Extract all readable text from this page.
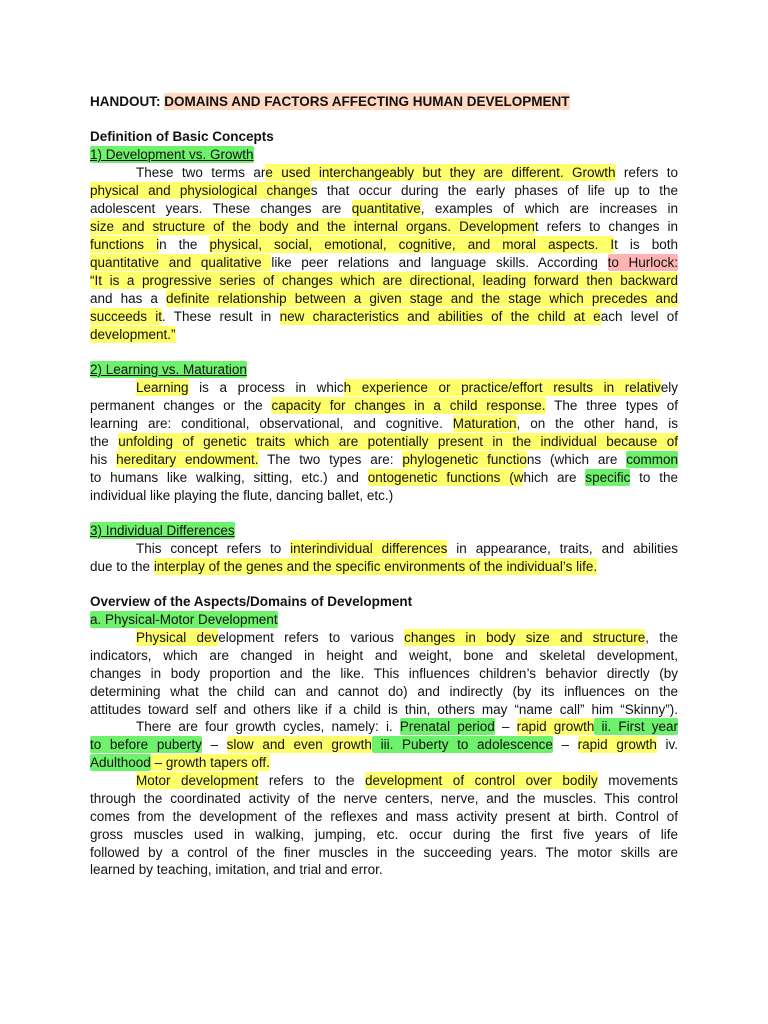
HANDOUT: DOMAINS AND FACTORS AFFECTING HUMAN DEVELOPMENT
Definition of Basic Concepts
1) Development vs. Growth
These two terms are used interchangeably but they are different. Growth refers to
physical and physiological changes that occur during the early phases of life up to the
adolescent years. These changes are quantitative, examples of which are increases in
size and structure of the body and the internal organs. Development refers to changes in
functions in the physical, social, emotional, cognitive, and moral aspects. It is both
quantitative and qualitative like peer relations and language skills. According to Hurlock:
“It is a progressive series of changes which are directional, leading forward then backward
and has a definite relationship between a given stage and the stage which precedes and
succeeds it. These result in new characteristics and abilities of the child at each level of
development.”
2) Learning vs. Maturation
Learning is a process in which experience or practice/effort results in relatively
permanent changes or the capacity for changes in a child response. The three types of
learning are: conditional, observational, and cognitive. Maturation, on the other hand, is
the unfolding of genetic traits which are potentially present in the individual because of
his hereditary endowment. The two types are: phylogenetic functions (which are common
to humans like walking, sitting, etc.) and ontogenetic functions (which are specific to the
individual like playing the flute, dancing ballet, etc.)
3) Individual Differences
This concept refers to interindividual differences in appearance, traits, and abilities
due to the interplay of the genes and the specific environments of the individual’s life.
Overview of the Aspects/Domains of Development
a. Physical-Motor Development
Physical development refers to various changes in body size and structure, the
indicators, which are changed in height and weight, bone and skeletal development,
changes in body proportion and the like. This influences children’s behavior directly (by
determining what the child can and cannot do) and indirectly (by its influences on the
attitudes toward self and others like if a child is thin, others may “name call” him “Skinny”).
There are four growth cycles, namely: i. Prenatal period – rapid growth ii. First year
to before puberty – slow and even growth iii. Puberty to adolescence – rapid growth iv.
Adulthood – growth tapers off.
Motor development refers to the development of control over bodily movements
through the coordinated activity of the nerve centers, nerve, and the muscles. This control
comes from the development of the reflexes and mass activity present at birth. Control of
gross muscles used in walking, jumping, etc. occur during the first five years of life
followed by a control of the finer muscles in the succeeding years. The motor skills are
learned by teaching, imitation, and trial and error.
